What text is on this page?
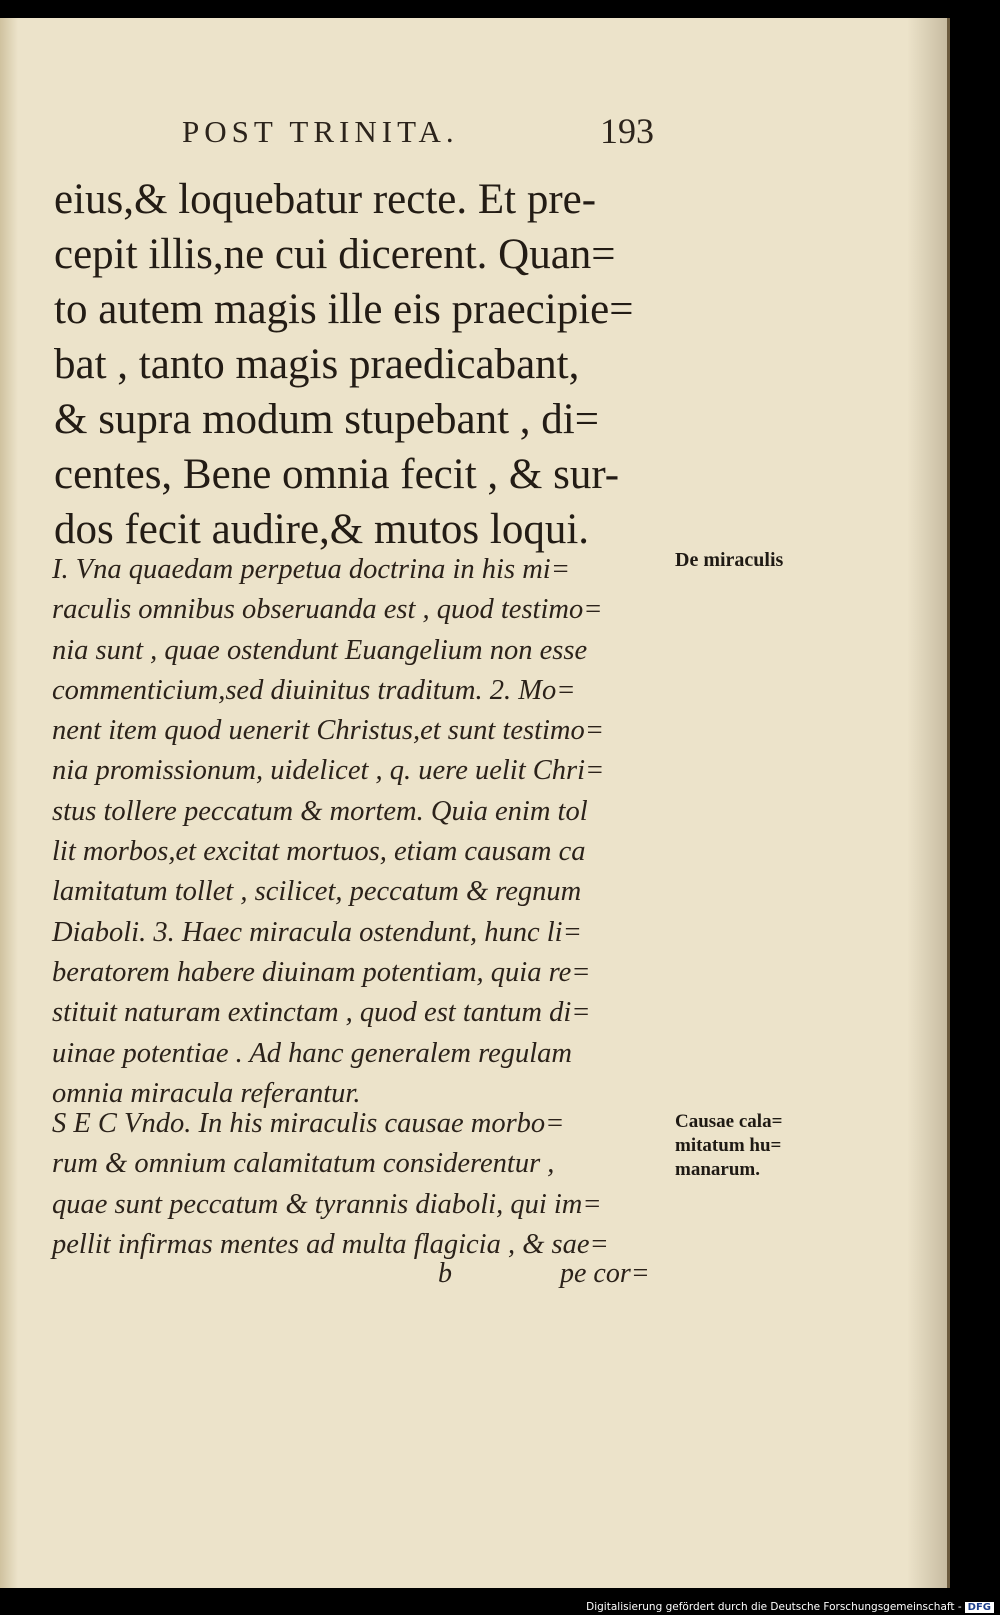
POST TRINITA.	193
eius,& loquebatur recte. Et pre-
cepit illis,ne cui dicerent. Quan=
to autem magis ille eis praecipie=
bat , tanto magis praedicabant,
& supra modum stupebant , di=
centes, Bene omnia fecit , & sur-
dos fecit audire,& mutos loqui.
I. Vna quaedam perpetua doctrina in his mi=
raculis omnibus obseruanda est , quod testimo=
nia sunt , quae ostendunt Euangelium non esse
commenticium,sed diuinitus traditum. 2. Mo=
nent item quod uenerit Christus,et sunt testimo=
nia promissionum, uidelicet , q. uere uelit Chri=
stus tollere peccatum & mortem. Quia enim tol
lit morbos,et excitat mortuos, etiam causam ca
lamitatum tollet , scilicet, peccatum & regnum
Diaboli. 3. Haec miracula ostendunt, hunc li=
beratorem habere diuinam potentiam, quia re=
stituit naturam extinctam , quod est tantum di=
uinae potentiae . Ad hanc generalem regulam
omnia miracula referantur.
S E C Vndo. In his miraculis causae morbo=
rum & omnium calamitatum considerentur ,
quae sunt peccatum & tyrannis diaboli, qui im=
pellit infirmas mentes ad multa flagicia , & sae=
b	pe cor=
De miraculis
Causae cala=
mitatum hu=
manarum.
Digitalisierung gefördert durch die Deutsche Forschungsgemeinschaft - DFG
